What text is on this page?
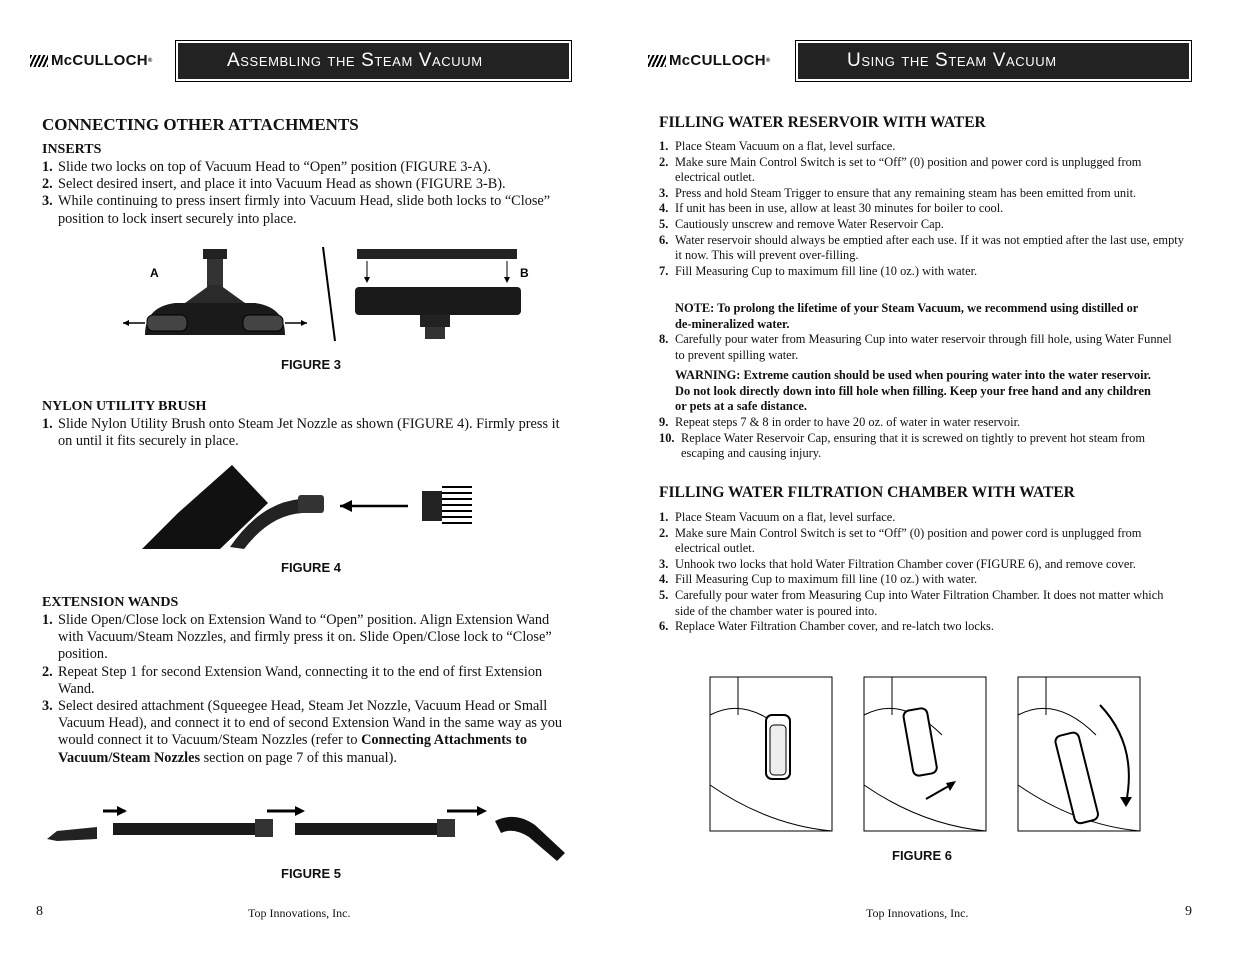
McCULLOCH ®	Assembling the Steam Vacuum
CONNECTING OTHER ATTACHMENTS
INSERTS
1. Slide two locks on top of Vacuum Head to “Open” position (FIGURE 3-A).
2. Select desired insert, and place it into Vacuum Head as shown (FIGURE 3-B).
3. While continuing to press insert firmly into Vacuum Head, slide both locks to “Close” position to lock insert securely into place.
A	B
FIGURE 3
NYLON UTILITY BRUSH
1. Slide Nylon Utility Brush onto Steam Jet Nozzle as shown (FIGURE 4). Firmly press it on until it fits securely in place.
FIGURE 4
EXTENSION WANDS
1. Slide Open/Close lock on Extension Wand to “Open” position. Align Extension Wand with Vacuum/Steam Nozzles, and firmly press it on. Slide Open/Close lock to “Close” position.
2. Repeat Step 1 for second Extension Wand, connecting it to the end of first Extension Wand.
3. Select desired attachment (Squeegee Head, Steam Jet Nozzle, Vacuum Head or Small Vacuum Head), and connect it to end of second Extension Wand in the same way as you would connect it to Vacuum/Steam Nozzles (refer to Connecting Attachments to Vacuum/Steam Nozzles section on page 7 of this manual).
FIGURE 5
8	Top Innovations, Inc.
McCULLOCH ®	Using the Steam Vacuum
FILLING WATER RESERVOIR WITH WATER
1. Place Steam Vacuum on a flat, level surface.
2. Make sure Main Control Switch is set to “Off” (0) position and power cord is unplugged from electrical outlet.
3. Press and hold Steam Trigger to ensure that any remaining steam has been emitted from unit.
4. If unit has been in use, allow at least 30 minutes for boiler to cool.
5. Cautiously unscrew and remove Water Reservoir Cap.
6. Water reservoir should always be emptied after each use. If it was not emptied after the last use, empty it now. This will prevent over-filling.
7. Fill Measuring Cup to maximum fill line (10 oz.) with water.
NOTE: To prolong the lifetime of your Steam Vacuum, we recommend using distilled or de-mineralized water.
8. Carefully pour water from Measuring Cup into water reservoir through fill hole, using Water Funnel to prevent spilling water.
WARNING: Extreme caution should be used when pouring water into the water reservoir. Do not look directly down into fill hole when filling. Keep your free hand and any children or pets at a safe distance.
9. Repeat steps 7 & 8 in order to have 20 oz. of water in water reservoir.
10. Replace Water Reservoir Cap, ensuring that it is screwed on tightly to prevent hot steam from escaping and causing injury.
FILLING WATER FILTRATION CHAMBER WITH WATER
1. Place Steam Vacuum on a flat, level surface.
2. Make sure Main Control Switch is set to “Off” (0) position and power cord is unplugged from electrical outlet.
3. Unhook two locks that hold Water Filtration Chamber cover (FIGURE 6), and remove cover.
4. Fill Measuring Cup to maximum fill line (10 oz.) with water.
5. Carefully pour water from Measuring Cup into Water Filtration Chamber. It does not matter which side of the chamber water is poured into.
6. Replace Water Filtration Chamber cover, and re-latch two locks.
FIGURE 6
Top Innovations, Inc.	9
